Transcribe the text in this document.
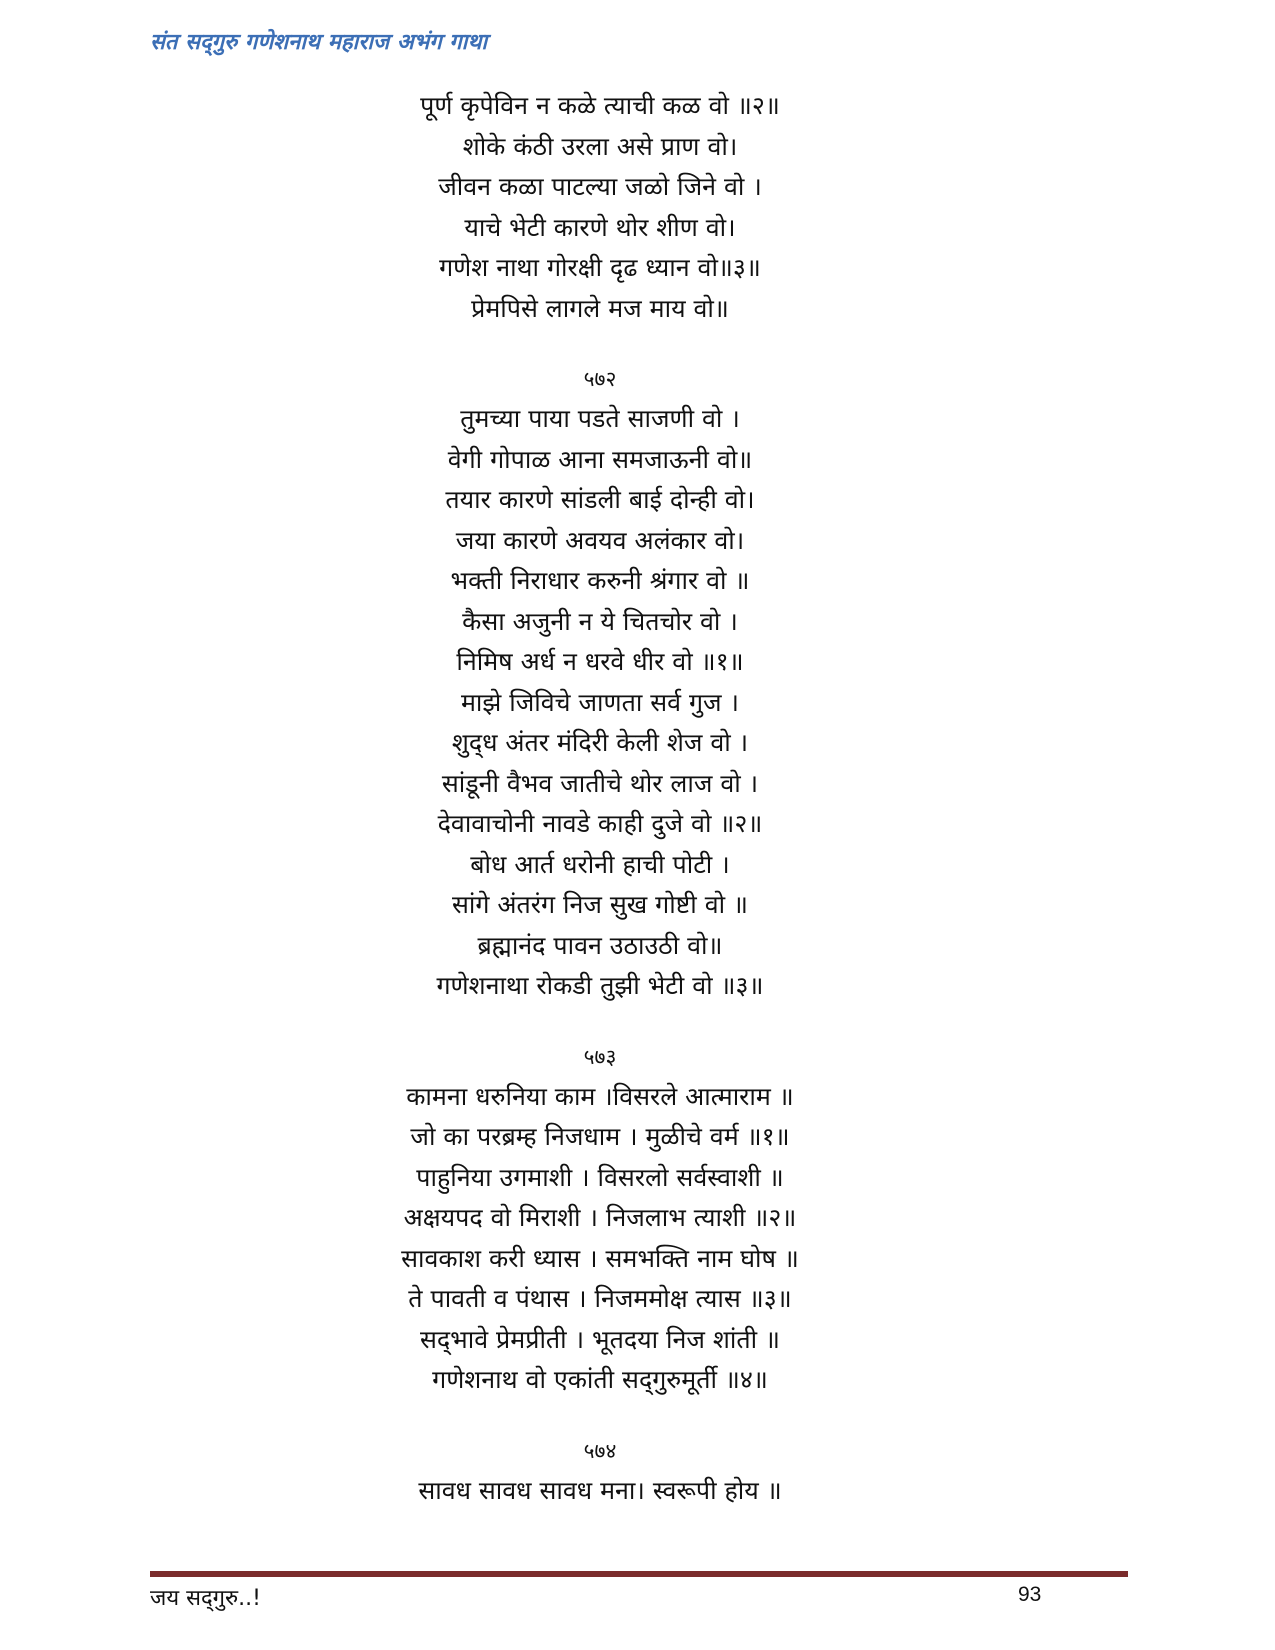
संत सद्‌गुरु गणेशनाथ महाराज अभंग गाथा
पूर्ण कृपेविन न कळे त्याची कळ वो ॥२॥
शोके कंठी उरला असे प्राण वो।
जीवन कळा पाटल्या जळो जिने वो ।
याचे भेटी कारणे थोर शीण वो।
गणेश नाथा गोरक्षी दृढ ध्यान वो॥३॥
प्रेमपिसे लागले मज माय वो॥
५७२
तुमच्या पाया पडते साजणी वो ।
वेगी गोपाळ आना समजाऊनी वो॥
तयार कारणे सांडली बाई दोन्ही वो।
जया कारणे अवयव अलंकार वो।
भक्ती निराधार करुनी श्रंगार वो ॥
कैसा अजुनी न ये चितचोर वो ।
निमिष अर्ध न धरवे धीर वो ॥१॥
माझे जिविचे जाणता सर्व गुज ।
शुद्‌ध अंतर मंदिरी केली शेज वो ।
सांडूनी वैभव जातीचे थोर लाज वो ।
देवावाचोनी नावडे काही दुजे वो ॥२॥
बोध आर्त धरोनी हाची पोटी ।
सांगे अंतरंग निज सुख गोष्टी वो ॥
ब्रह्मानंद पावन उठाउठी वो॥
गणेशनाथा रोकडी तुझी भेटी वो ॥३॥
५७३
कामना धरुनिया काम ।विसरले आत्माराम ॥
जो का परब्रम्ह निजधाम । मुळीचे वर्म ॥१॥
पाहुनिया उगमाशी । विसरलो सर्वस्वाशी ॥
अक्षयपद वो मिराशी । निजलाभ त्याशी ॥२॥
सावकाश करी ध्यास । समभक्ति नाम घोष ॥
ते पावती व पंथास । निजममोक्ष त्यास ॥३॥
सद्‌भावे प्रेमप्रीती । भूतदया निज शांती ॥
गणेशनाथ वो एकांती सद्‌गुरुमूर्ती ॥४॥
५७४
सावध सावध सावध मना। स्वरूपी होय ॥
जय सद्‌गुरु..!	93
